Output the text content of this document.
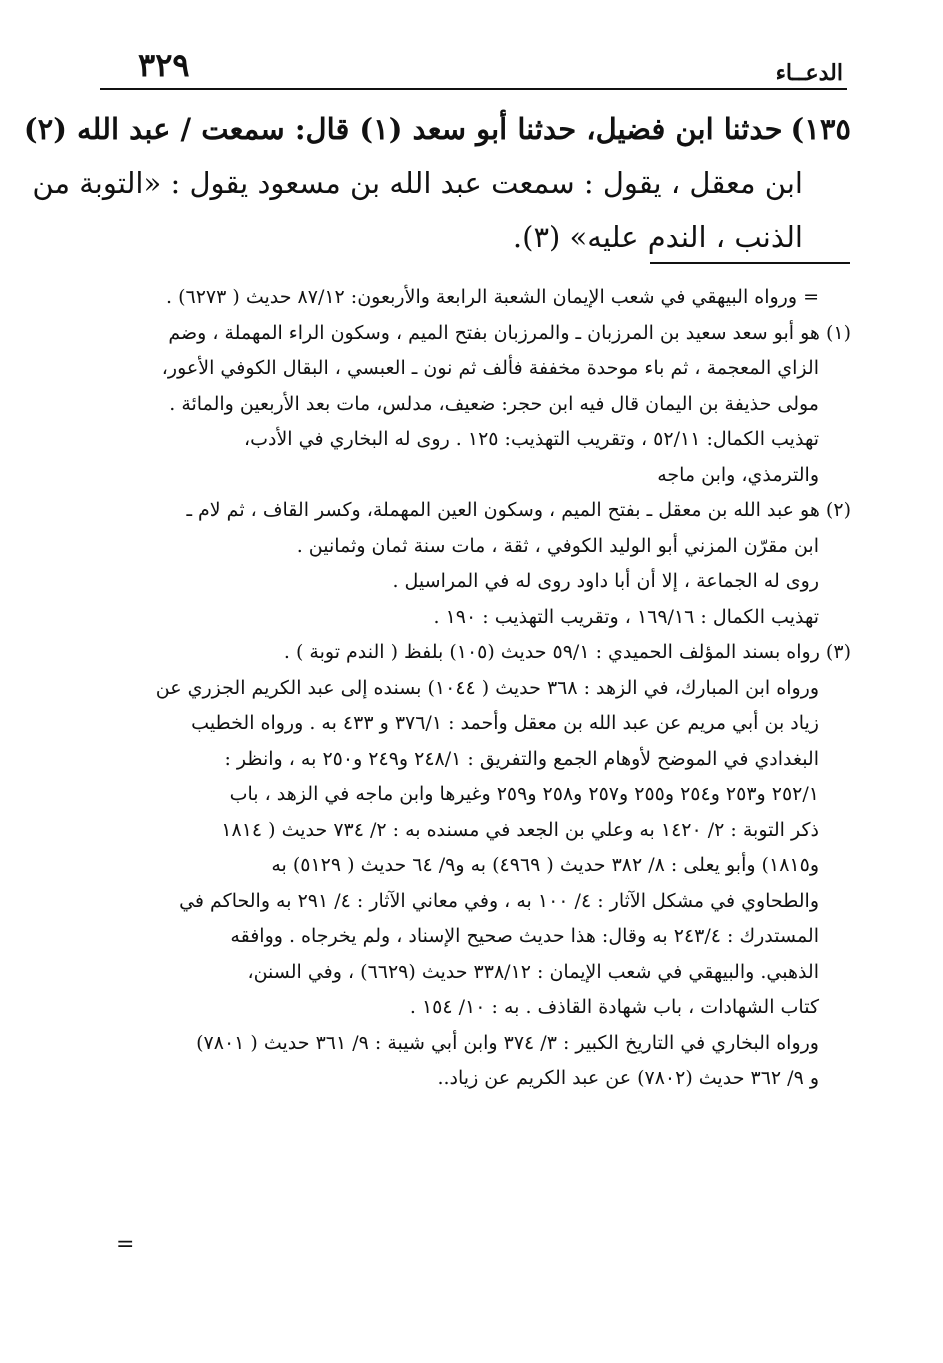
٣٢٩	الدعــاء
١٣٥)حدثنا ابن فضيل، حدثنا أبو سعد (١) قال: سمعت / عبد الله (٢)
ابن معقل ، يقول : سمعت عبد الله بن مسعود يقول : «التوبة من
الذنب ، الندم عليه» (٣).
= ورواه البيهقي في شعب الإيمان الشعبة الرابعة والأربعون: ٨٧/١٢ حديث ( ٦٢٧٣) .
(١) هو أبو سعد سعيد بن المرزبان ـ والمرزبان بفتح الميم ، وسكون الراء المهملة ، وضم
الزاي المعجمة ، ثم باء موحدة مخففة فألف ثم نون ـ العبسي ، البقال الكوفي الأعور،
مولى حذيفة بن اليمان قال فيه ابن حجر: ضعيف، مدلس، مات بعد الأربعين والمائة .
تهذيب الكمال: ٥٢/١١ ، وتقريب التهذيب: ١٢٥ . روى له البخاري في الأدب،
والترمذي، وابن ماجه
(٢) هو عبد الله بن معقل ـ بفتح الميم ، وسكون العين المهملة، وكسر القاف ، ثم لام ـ
ابن مقرّن المزني أبو الوليد الكوفي ، ثقة ، مات سنة ثمان وثمانين .
روى له الجماعة ، إلا أن أبا داود روى له في المراسيل .
تهذيب الكمال : ١٦٩/١٦ ، وتقريب التهذيب : ١٩٠ .
(٣) رواه بسند المؤلف الحميدي : ٥٩/١ حديث (١٠٥) بلفظ ( الندم توبة ) .
ورواه ابن المبارك، في الزهد : ٣٦٨ حديث ( ١٠٤٤) بسنده إلى عبد الكريم الجزري عن
زياد بن أبي مريم عن عبد الله بن معقل وأحمد : ٣٧٦/١ و ٤٣٣ به . ورواه الخطيب
البغدادي في الموضح لأوهام الجمع والتفريق : ٢٤٨/١ و٢٤٩ و٢٥٠ به ، وانظر :
٢٥٢/١ و٢٥٣ و٢٥٤ و٢٥٥ و٢٥٧ و٢٥٨ و٢٥٩ وغيرها وابن ماجه في الزهد ، باب
ذكر التوبة : ٢/ ١٤٢٠ به وعلي بن الجعد في مسنده به : ٢/ ٧٣٤ حديث ( ١٨١٤
و١٨١٥) وأبو يعلى : ٨/ ٣٨٢ حديث ( ٤٩٦٩) به و٩/ ٦٤ حديث ( ٥١٢٩) به
والطحاوي في مشكل الآثار : ٤/ ١٠٠ به ، وفي معاني الآثار : ٤/ ٢٩١ به والحاكم في
المستدرك : ٢٤٣/٤ به وقال: هذا حديث صحيح الإسناد ، ولم يخرجاه . ووافقه
الذهبي. والبيهقي في شعب الإيمان : ٣٣٨/١٢ حديث (٦٦٢٩) ، وفي السنن،
كتاب الشهادات ، باب شهادة القاذف . به : ١٠/ ١٥٤ .
ورواه البخاري في التاريخ الكبير : ٣/ ٣٧٤ وابن أبي شيبة : ٩/ ٣٦١ حديث ( ٧٨٠١)
و ٩/ ٣٦٢ حديث (٧٨٠٢) عن عبد الكريم عن زياد..
=
